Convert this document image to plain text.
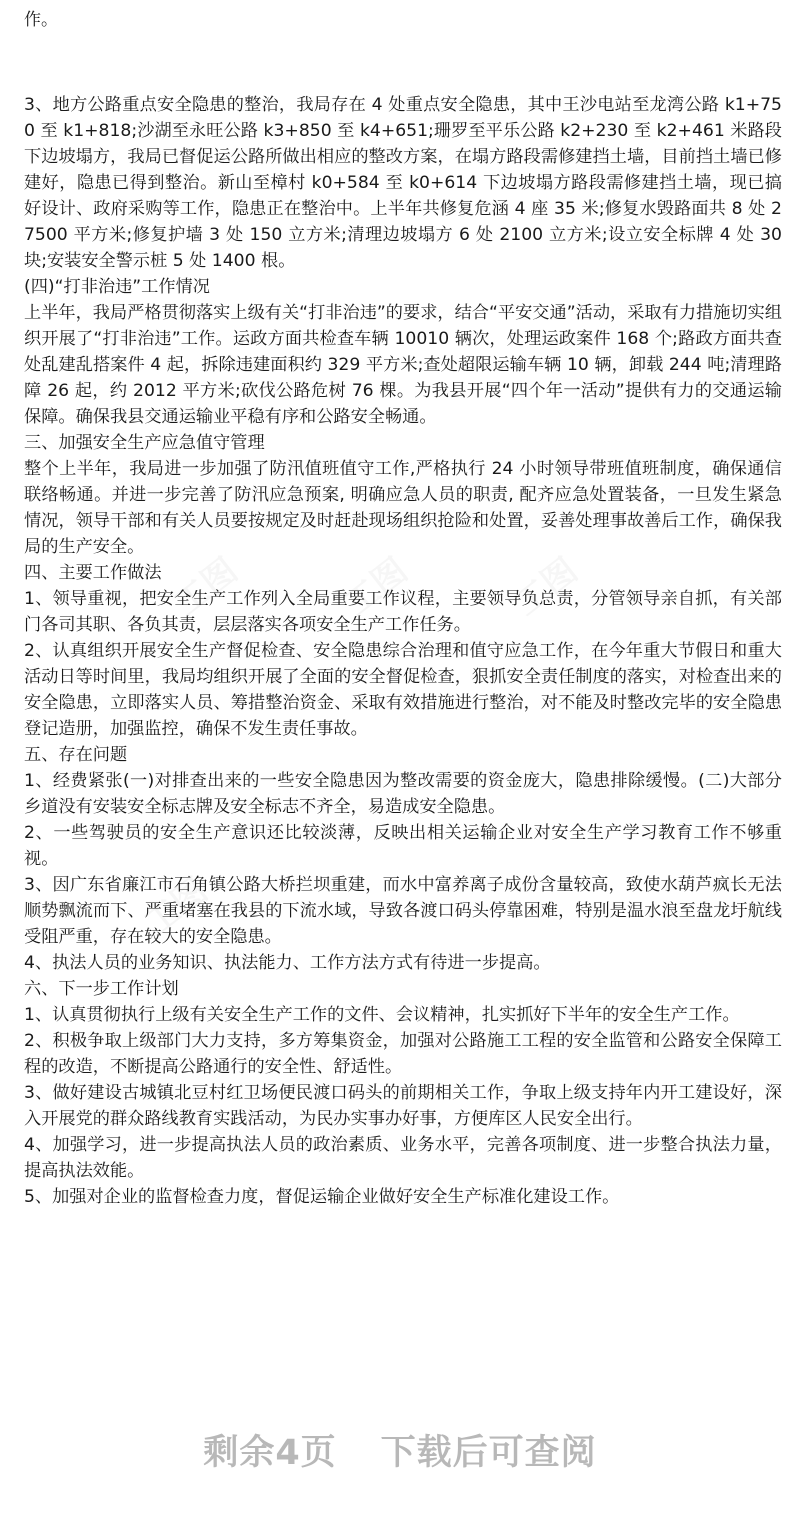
作。

3、地方公路重点安全隐患的整治，我局存在 4 处重点安全隐患，其中王沙电站至龙湾公路 k1+750 至 k1+818;沙湖至永旺公路 k3+850 至 k4+651;珊罗至平乐公路 k2+230 至 k2+461 米路段下边坡塌方，我局已督促运公路所做出相应的整改方案，在塌方路段需修建挡土墙，目前挡土墙已修建好，隐患已得到整治。新山至樟村 k0+584 至 k0+614 下边坡塌方路段需修建挡土墙，现已搞好设计、政府采购等工作，隐患正在整治中。上半年共修复危涵 4 座 35 米;修复水毁路面共 8 处 27500 平方米;修复护墙 3 处 150 立方米;清理边坡塌方 6 处 2100 立方米;设立安全标牌 4 处 30 块;安装安全警示桩 5 处 1400 根。

(四)“打非治违”工作情况

上半年，我局严格贯彻落实上级有关“打非治违”的要求，结合“平安交通”活动，采取有力措施切实组织开展了“打非治违”工作。运政方面共检查车辆 10010 辆次，处理运政案件 168 个;路政方面共查处乱建乱搭案件 4 起，拆除违建面积约 329 平方米;查处超限运输车辆 10 辆，卸载 244 吨;清理路障 26 起，约 2012 平方米;砍伐公路危树 76 棵。为我县开展“四个年一活动”提供有力的交通运输保障。确保我县交通运输业平稳有序和公路安全畅通。

三、加强安全生产应急值守管理

整个上半年，我局进一步加强了防汛值班值守工作,严格执行 24 小时领导带班值班制度，确保通信联络畅通。并进一步完善了防汛应急预案, 明确应急人员的职责, 配齐应急处置装备，一旦发生紧急情况，领导干部和有关人员要按规定及时赶赴现场组织抢险和处置，妥善处理事故善后工作，确保我局的生产安全。

四、主要工作做法

1、领导重视，把安全生产工作列入全局重要工作议程，主要领导负总责，分管领导亲自抓，有关部门各司其职、各负其责，层层落实各项安全生产工作任务。

2、认真组织开展安全生产督促检查、安全隐患综合治理和值守应急工作，在今年重大节假日和重大活动日等时间里，我局均组织开展了全面的安全督促检查，狠抓安全责任制度的落实，对检查出来的安全隐患，立即落实人员、筹措整治资金、采取有效措施进行整治，对不能及时整改完毕的安全隐患登记造册，加强监控，确保不发生责任事故。

五、存在问题

1、经费紧张(一)对排查出来的一些安全隐患因为整改需要的资金庞大，隐患排除缓慢。(二)大部分乡道没有安装安全标志牌及安全标志不齐全，易造成安全隐患。

2、一些驾驶员的安全生产意识还比较淡薄，反映出相关运输企业对安全生产学习教育工作不够重视。

3、因广东省廉江市石角镇公路大桥拦坝重建，而水中富养离子成份含量较高，致使水葫芦疯长无法顺势飘流而下、严重堵塞在我县的下流水域，导致各渡口码头停靠困难，特别是温水浪至盘龙圩航线受阻严重，存在较大的安全隐患。

4、执法人员的业务知识、执法能力、工作方法方式有待进一步提高。

六、下一步工作计划

1、认真贯彻执行上级有关安全生产工作的文件、会议精神，扎实抓好下半年的安全生产工作。

2、积极争取上级部门大力支持，多方筹集资金，加强对公路施工工程的安全监管和公路安全保障工程的改造，不断提高公路通行的安全性、舒适性。

3、做好建设古城镇北豆村红卫场便民渡口码头的前期相关工作，争取上级支持年内开工建设好，深入开展党的群众路线教育实践活动，为民办实事办好事，方便库区人民安全出行。

4、加强学习，进一步提高执法人员的政治素质、业务水平，完善各项制度、进一步整合执法力量，提高执法效能。

5、加强对企业的监督检查力度，督促运输企业做好安全生产标准化建设工作。

剩余4页 下载后可查阅
